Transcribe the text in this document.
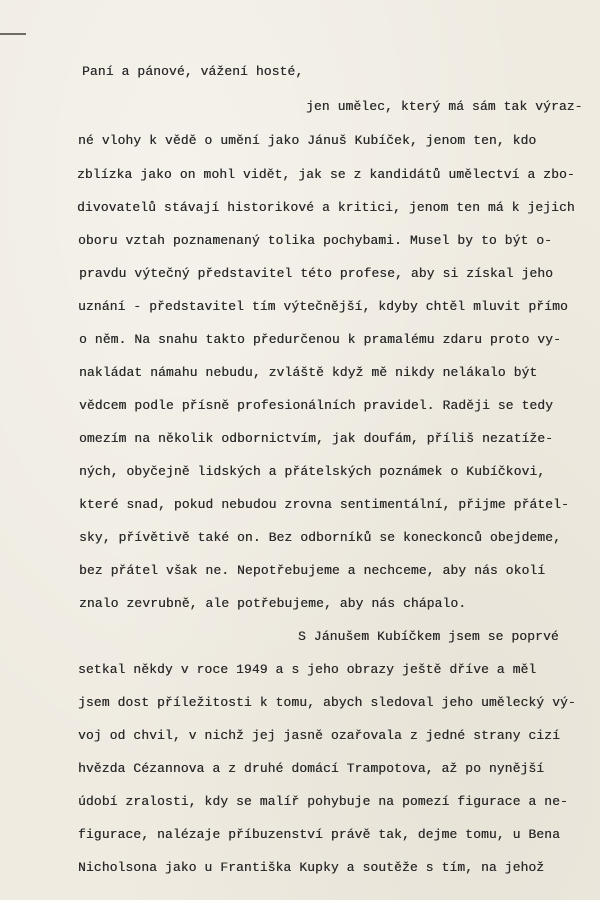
Paní a pánové, vážení hosté,
jen umělec, který má sám tak výraz-
né vlohy k vědě o umění jako Jánuš Kubíček, jenom ten, kdo
zblízka jako on mohl vidět, jak se z kandidátů umělectví a zbo-
divovatelů stávají historikové a kritici, jenom ten má k jejich
oboru vztah poznamenaný tolika pochybami. Musel by to být o-
pravdu výtečný představitel této profese, aby si získal jeho
uznání - představitel tím výtečnější, kdyby chtěl mluvit přímo
o něm. Na snahu takto předurčenou k pramalému zdaru proto vy-
nakládat námahu nebudu, zvláště když mě nikdy nelákalo být
vědcem podle přísně profesionálních pravidel. Raději se tedy
omezím na několik odbornictvím, jak doufám, příliš nezatíže-
ných, obyčejně lidských a přátelských poznámek o Kubíčkovi,
které snad, pokud nebudou zrovna sentimentální, přijme přátel-
sky, přívětivě také on. Bez odborníků se koneckonců obejdeme,
bez přátel však ne. Nepotřebujeme a nechceme, aby nás okolí
znalo zevrubně, ale potřebujeme, aby nás chápalo.
S Jánušem Kubíčkem jsem se poprvé
setkal někdy v roce 1949 a s jeho obrazy ještě dříve a měl
jsem dost příležitosti k tomu, abych sledoval jeho umělecký vý-
voj od chvil, v nichž jej jasně ozařovala z jedné strany cizí
hvězda Cézannova a z druhé domácí Trampotova, až po nynější
údobí zralosti, kdy se malíř pohybuje na pomezí figurace a ne-
figurace, nalézaje příbuzenství právě tak, dejme tomu, u Bena
Nicholsona jako u Františka Kupky a soutěže s tím, na jehož
